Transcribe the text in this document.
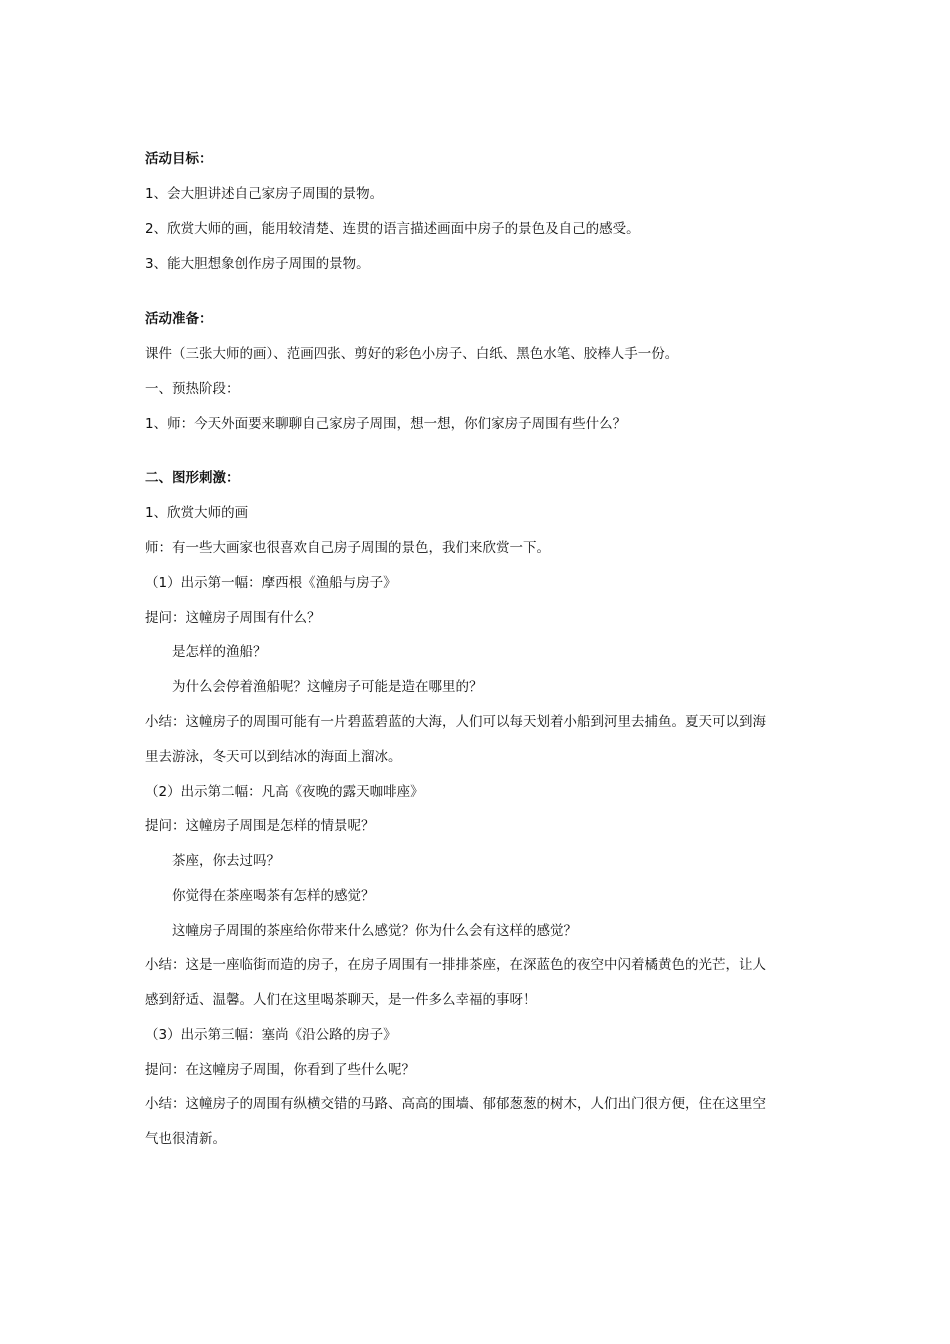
活动目标：
1、会大胆讲述自己家房子周围的景物。
2、欣赏大师的画，能用较清楚、连贯的语言描述画面中房子的景色及自己的感受。
3、能大胆想象创作房子周围的景物。
活动准备：
课件（三张大师的画）、范画四张、剪好的彩色小房子、白纸、黑色水笔、胶棒人手一份。
一、预热阶段：
1、师：今天外面要来聊聊自己家房子周围，想一想，你们家房子周围有些什么？
二、图形刺激：
1、欣赏大师的画
师：有一些大画家也很喜欢自己房子周围的景色，我们来欣赏一下。
（1）出示第一幅：摩西根《渔船与房子》
提问：这幢房子周围有什么？
是怎样的渔船？
为什么会停着渔船呢？这幢房子可能是造在哪里的？
小结：这幢房子的周围可能有一片碧蓝碧蓝的大海，人们可以每天划着小船到河里去捕鱼。夏天可以到海
里去游泳，冬天可以到结冰的海面上溜冰。
（2）出示第二幅：凡高《夜晚的露天咖啡座》
提问：这幢房子周围是怎样的情景呢？
茶座，你去过吗？
你觉得在茶座喝茶有怎样的感觉？
这幢房子周围的茶座给你带来什么感觉？你为什么会有这样的感觉？
小结：这是一座临街而造的房子，在房子周围有一排排茶座，在深蓝色的夜空中闪着橘黄色的光芒，让人
感到舒适、温馨。人们在这里喝茶聊天，是一件多么幸福的事呀！
（3）出示第三幅：塞尚《沿公路的房子》
提问：在这幢房子周围，你看到了些什么呢？
小结：这幢房子的周围有纵横交错的马路、高高的围墙、郁郁葱葱的树木，人们出门很方便，住在这里空
气也很清新。
